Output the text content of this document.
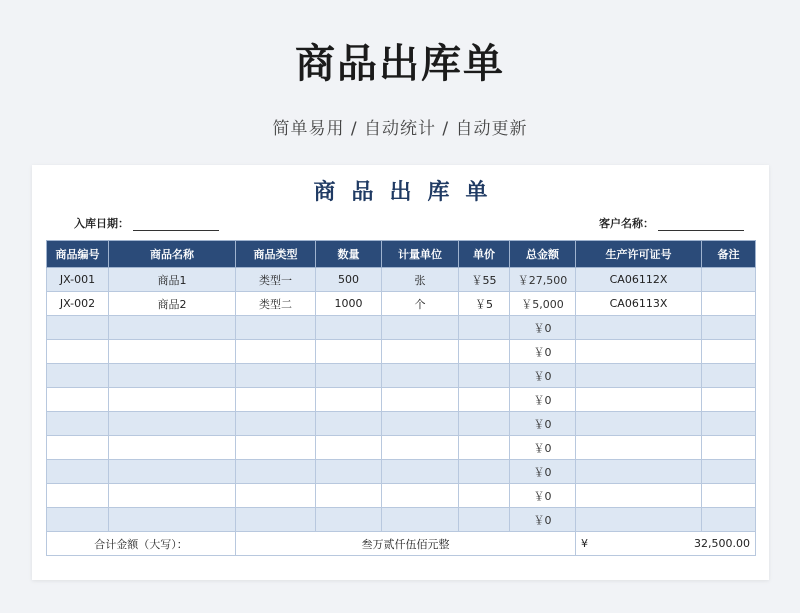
商品出库单
简单易用 / 自动统计 / 自动更新
商品出库单
入库日期：	客户名称：
商品编号	商品名称	商品类型	数量	计量单位	单价	总金额	生产许可证号	备注
JX-001	商品1	类型一	500	张	￥55	￥27,500	CA06112X	
JX-002	商品2	类型二	1000	个	￥5	￥5,000	CA06113X	
						￥0		
						￥0		
						￥0		
						￥0		
						￥0		
						￥0		
						￥0		
						￥0		
						￥0		
合计金额（大写）：		叁万贰仟伍佰元整					¥ 32,500.00	
